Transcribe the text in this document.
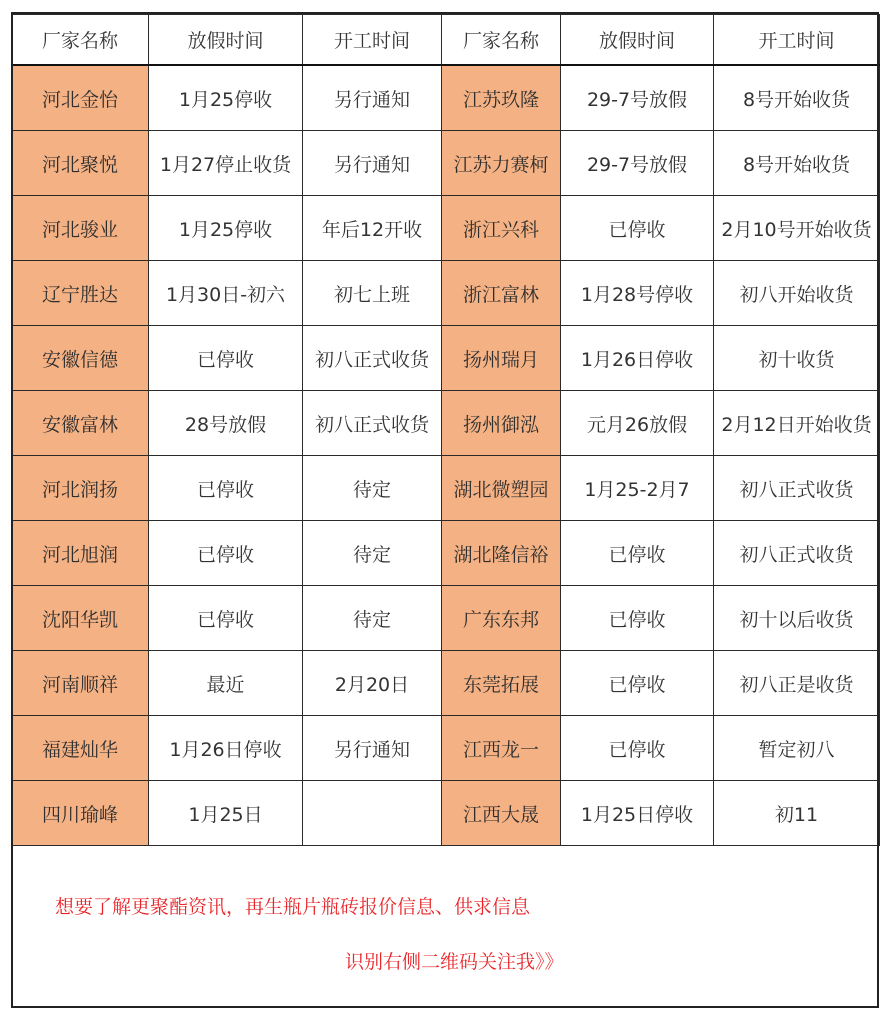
厂家名称	放假时间	开工时间	厂家名称	放假时间	开工时间
河北金怡	1月25停收	另行通知	江苏玖隆	29-7号放假	8号开始收货
河北聚悦	1月27停止收货	另行通知	江苏力赛柯	29-7号放假	8号开始收货
河北骏业	1月25停收	年后12开收	浙江兴科	已停收	2月10号开始收货
辽宁胜达	1月30日-初六	初七上班	浙江富林	1月28号停收	初八开始收货
安徽信德	已停收	初八正式收货	扬州瑞月	1月26日停收	初十收货
安徽富林	28号放假	初八正式收货	扬州御泓	元月26放假	2月12日开始收货
河北润扬	已停收	待定	湖北微塑园	1月25-2月7	初八正式收货
河北旭润	已停收	待定	湖北隆信裕	已停收	初八正式收货
沈阳华凯	已停收	待定	广东东邦	已停收	初十以后收货
河南顺祥	最近	2月20日	东莞拓展	已停收	初八正是收货
福建灿华	1月26日停收	另行通知	江西龙一	已停收	暂定初八
四川瑜峰	1月25日		江西大晟	1月25日停收	初11
想要了解更聚酯资讯，再生瓶片瓶砖报价信息、供求信息
识别右侧二维码关注我》》
